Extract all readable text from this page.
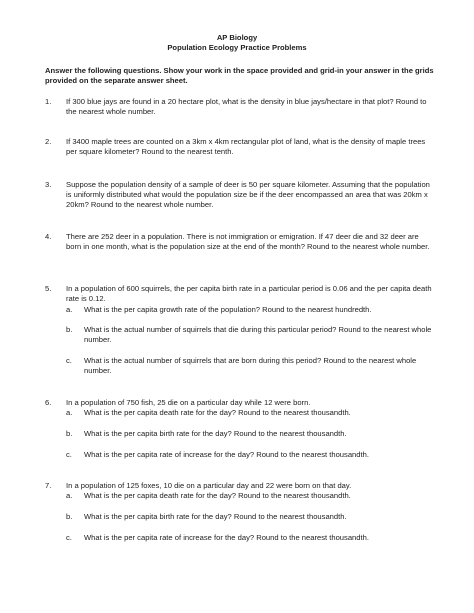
AP Biology
Population Ecology Practice Problems
Answer the following questions. Show your work in the space provided and grid-in your answer in the grids provided on the separate answer sheet.
1.	If 300 blue jays are found in a 20 hectare plot, what is the density in blue jays/hectare in that plot? Round to the nearest whole number.
2.	If 3400 maple trees are counted on a 3km x 4km rectangular plot of land, what is the density of maple trees per square kilometer? Round to the nearest tenth.
3.	Suppose the population density of a sample of deer is 50 per square kilometer. Assuming that the population is uniformly distributed what would the population size be if the deer encompassed an area that was 20km x 20km? Round to the nearest whole number.
4.	There are 252 deer in a population. There is not immigration or emigration. If 47 deer die and 32 deer are born in one month, what is the population size at the end of the month? Round to the nearest whole number.
5.	In a population of 600 squirrels, the per capita birth rate in a particular period is 0.06 and the per capita death rate is 0.12.
a.	What is the per capita growth rate of the population? Round to the nearest hundredth.
b.	What is the actual number of squirrels that die during this particular period? Round to the nearest whole number.
c.	What is the actual number of squirrels that are born during this period? Round to the nearest whole number.
6.	In a population of 750 fish, 25 die on a particular day while 12 were born.
a.	What is the per capita death rate for the day? Round to the nearest thousandth.
b.	What is the per capita birth rate for the day? Round to the nearest thousandth.
c.	What is the per capita rate of increase for the day? Round to the nearest thousandth.
7.	In a population of 125 foxes, 10 die on a particular day and 22 were born on that day.
a.	What is the per capita death rate for the day? Round to the nearest thousandth.
b.	What is the per capita birth rate for the day? Round to the nearest thousandth.
c.	What is the per capita rate of increase for the day? Round to the nearest thousandth.
